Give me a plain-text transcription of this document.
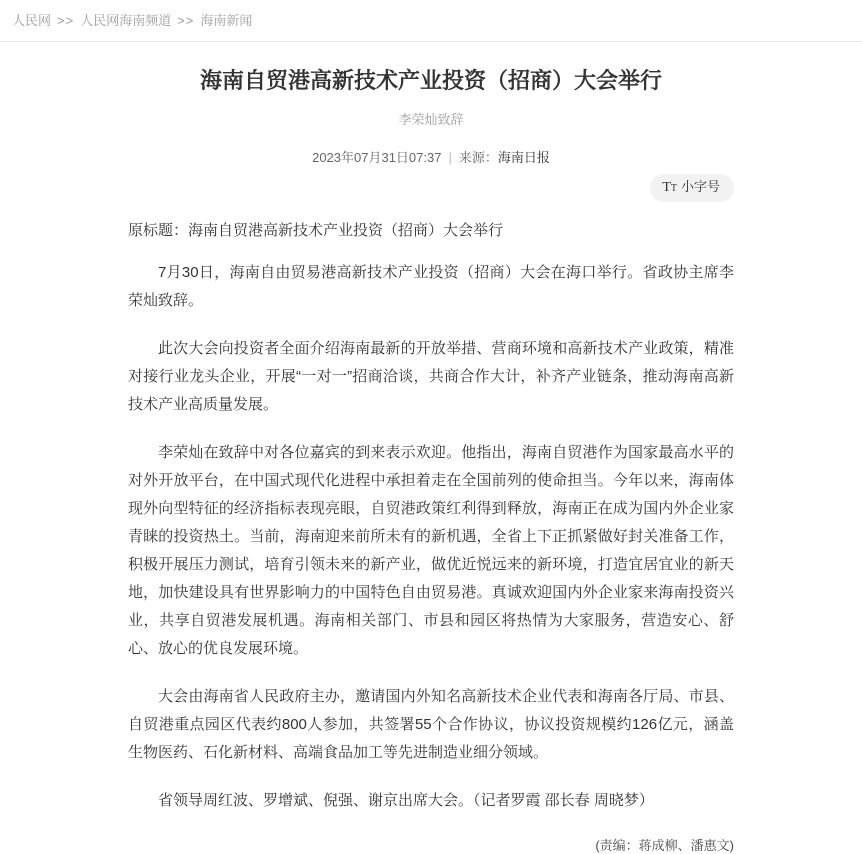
人民网 >> 人民网海南频道 >> 海南新闻
海南自贸港高新技术产业投资（招商）大会举行
李荣灿致辞
2023年07月31日07:37 | 来源：海南日报
TT 小字号
原标题：海南自贸港高新技术产业投资（招商）大会举行

7月30日，海南自由贸易港高新技术产业投资（招商）大会在海口举行。省政协主席李荣灿致辞。

此次大会向投资者全面介绍海南最新的开放举措、营商环境和高新技术产业政策，精准对接行业龙头企业，开展“一对一”招商洽谈，共商合作大计，补齐产业链条，推动海南高新技术产业高质量发展。

李荣灿在致辞中对各位嘉宾的到来表示欢迎。他指出，海南自贸港作为国家最高水平的对外开放平台，在中国式现代化进程中承担着走在全国前列的使命担当。今年以来，海南体现外向型特征的经济指标表现亮眼，自贸港政策红利得到释放，海南正在成为国内外企业家青睐的投资热土。当前，海南迎来前所未有的新机遇，全省上下正抓紧做好封关准备工作，积极开展压力测试，培育引领未来的新产业，做优近悦远来的新环境，打造宜居宜业的新天地，加快建设具有世界影响力的中国特色自由贸易港。真诚欢迎国内外企业家来海南投资兴业，共享自贸港发展机遇。海南相关部门、市县和园区将热情为大家服务，营造安心、舒心、放心的优良发展环境。

大会由海南省人民政府主办，邀请国内外知名高新技术企业代表和海南各厅局、市县、自贸港重点园区代表约800人参加，共签署55个合作协议，协议投资规模约126亿元，涵盖生物医药、石化新材料、高端食品加工等先进制造业细分领域。

省领导周红波、罗增斌、倪强、谢京出席大会。（记者罗霞 邵长春 周晓梦）

(责编：蒋成柳、潘惠文)
